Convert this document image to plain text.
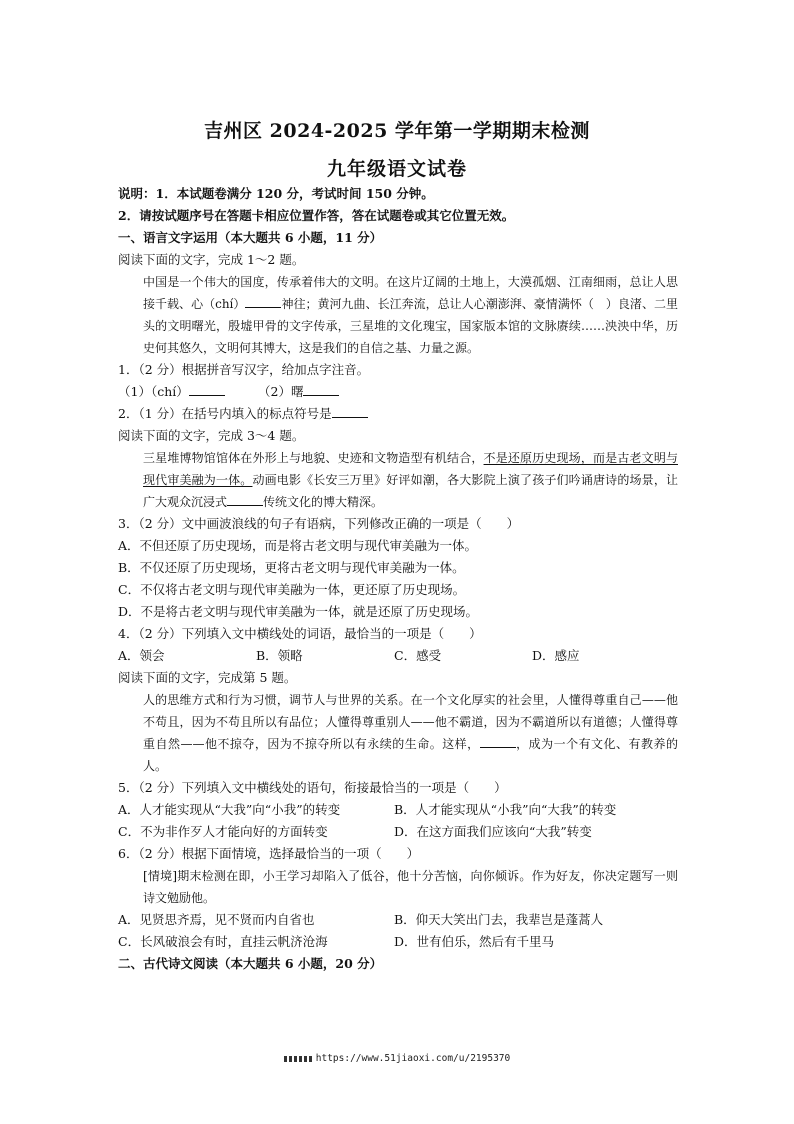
吉州区 2024-2025 学年第一学期期末检测
九年级语文试卷
说明：1．本试题卷满分 120 分，考试时间 150 分钟。
2．请按试题序号在答题卡相应位置作答，答在试题卷或其它位置无效。
一、语言文字运用（本大题共 6 小题，11 分）
阅读下面的文字，完成 1～2 题。
中国是一个伟大的国度，传承着伟大的文明。在这片辽阔的土地上，大漠孤烟、江南细雨，总让人思接千载、心（chí）	神往；黄河九曲、长江奔流，总让人心潮澎湃、豪情满怀（　）良渚、二里头的文明曙光，殷墟甲骨的文字传承，三星堆的文化瑰宝，国家版本馆的文脉赓续……泱泱中华，历史何其悠久，文明何其博大，这是我们的自信之基、力量之源。
1．（2 分）根据拼音写汉字，给加点字注音。
（1）（chí）	（2）曙
2．（1 分）在括号内填入的标点符号是
阅读下面的文字，完成 3～4 题。
三星堆博物馆馆体在外形上与地貌、史迹和文物造型有机结合，不是还原历史现场，而是古老文明与现代审美融为一体。动画电影《长安三万里》好评如潮，各大影院上演了孩子们吟诵唐诗的场景，让广大观众沉浸式	传统文化的博大精深。
3．（2 分）文中画波浪线的句子有语病，下列修改正确的一项是（　　）
A．不但还原了历史现场，而是将古老文明与现代审美融为一体。
B．不仅还原了历史现场，更将古老文明与现代审美融为一体。
C．不仅将古老文明与现代审美融为一体，更还原了历史现场。
D．不是将古老文明与现代审美融为一体，就是还原了历史现场。
4．（2 分）下列填入文中横线处的词语，最恰当的一项是（　　）
A．领会	B．领略	C．感受	D．感应
阅读下面的文字，完成第 5 题。
人的思维方式和行为习惯，调节人与世界的关系。在一个文化厚实的社会里，人懂得尊重自己——他不苟且，因为不苟且所以有品位；人懂得尊重别人——他不霸道，因为不霸道所以有道德；人懂得尊重自然——他不掠夺，因为不掠夺所以有永续的生命。这样，	，成为一个有文化、有教养的人。
5．（2 分）下列填入文中横线处的语句，衔接最恰当的一项是（　　）
A．人才能实现从“大我”向“小我”的转变	B．人才能实现从“小我”向“大我”的转变
C．不为非作歹人才能向好的方面转变	D．在这方面我们应该向“大我”转变
6．（2 分）根据下面情境，选择最恰当的一项（　　）
[情境]期末检测在即，小王学习却陷入了低谷，他十分苦恼，向你倾诉。作为好友，你决定题写一则诗文勉励他。
A．见贤思齐焉，见不贤而内自省也	B．仰天大笑出门去，我辈岂是蓬蒿人
C．长风破浪会有时，直挂云帆济沧海	D．世有伯乐，然后有千里马
二、古代诗文阅读（本大题共 6 小题，20 分）
https://www.51jiaoxi.com/u/2195370
